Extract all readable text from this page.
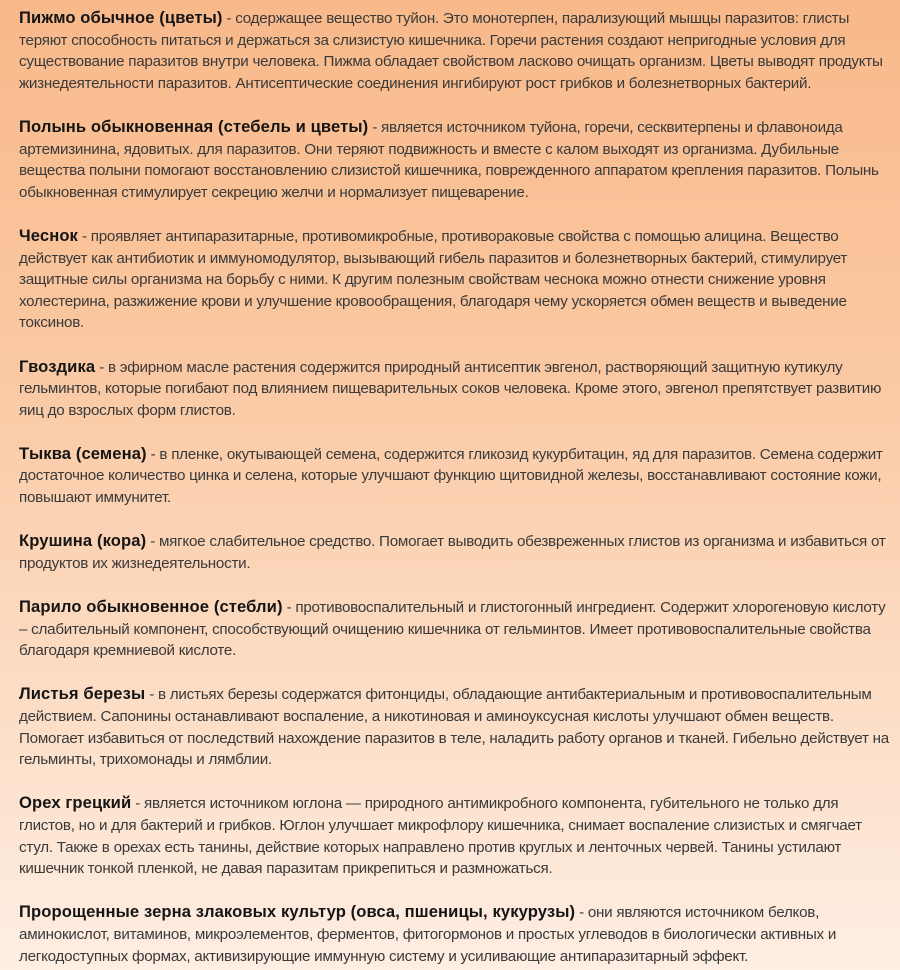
Пижмо обычное (цветы) - содержащее вещество туйон. Это монотерпен, парализующий мышцы паразитов: глисты теряют способность питаться и держаться за слизистую кишечника. Горечи растения создают непригодные условия для существование паразитов внутри человека. Пижма обладает свойством ласково очищать организм. Цветы выводят продукты жизнедеятельности паразитов. Антисептические соединения ингибируют рост грибков и болезнетворных бактерий.

Полынь обыкновенная (стебель и цветы) - является источником туйона, горечи, сесквитерпены и флавоноида артемизинина, ядовитых. для паразитов. Они теряют подвижность и вместе с калом выходят из организма. Дубильные вещества полыни помогают восстановлению слизистой кишечника, поврежденного аппаратом крепления паразитов. Полынь обыкновенная стимулирует секрецию желчи и нормализует пищеварение.

Чеснок - проявляет антипаразитарные, противомикробные, противораковые свойства с помощью алицина. Вещество действует как антибиотик и иммуномодулятор, вызывающий гибель паразитов и болезнетворных бактерий, стимулирует защитные силы организма на борьбу с ними. К другим полезным свойствам чеснока можно отнести снижение уровня холестерина, разжижение крови и улучшение кровообращения, благодаря чему ускоряется обмен веществ и выведение токсинов.

Гвоздика - в эфирном масле растения содержится природный антисептик эвгенол, растворяющий защитную кутикулу гельминтов, которые погибают под влиянием пищеварительных соков человека. Кроме этого, эвгенол препятствует развитию яиц до взрослых форм глистов.

Тыква (семена) - в пленке, окутывающей семена, содержится гликозид кукурбитацин, яд для паразитов. Семена содержит достаточное количество цинка и селена, которые улучшают функцию щитовидной железы, восстанавливают состояние кожи, повышают иммунитет.

Крушина (кора) - мягкое слабительное средство. Помогает выводить обезвреженных глистов из организма и избавиться от продуктов их жизнедеятельности.

Парило обыкновенное (стебли) - противовоспалительный и глистогонный ингредиент. Содержит хлорогеновую кислоту – слабительный компонент, способствующий очищению кишечника от гельминтов. Имеет противовоспалительные свойства благодаря кремниевой кислоте.

Листья березы - в листьях березы содержатся фитонциды, обладающие антибактериальным и противовоспалительным действием. Сапонины останавливают воспаление, а никотиновая и аминоуксусная кислоты улучшают обмен веществ. Помогает избавиться от последствий нахождение паразитов в теле, наладить работу органов и тканей. Гибельно действует на гельминты, трихомонады и лямблии.

Орех грецкий - является источником юглона — природного антимикробного компонента, губительного не только для глистов, но и для бактерий и грибков. Юглон улучшает микрофлору кишечника, снимает воспаление слизистых и смягчает стул. Также в орехах есть танины, действие которых направлено против круглых и ленточных червей. Танины устилают кишечник тонкой пленкой, не давая паразитам прикрепиться и размножаться.

Пророщенные зерна злаковых культур (овса, пшеницы, кукурузы) - они являются источником белков, аминокислот, витаминов, микроэлементов, ферментов, фитогормонов и простых углеводов в биологически активных и легкодоступных формах, активизирующие иммунную систему и усиливающие антипаразитарный эффект.
